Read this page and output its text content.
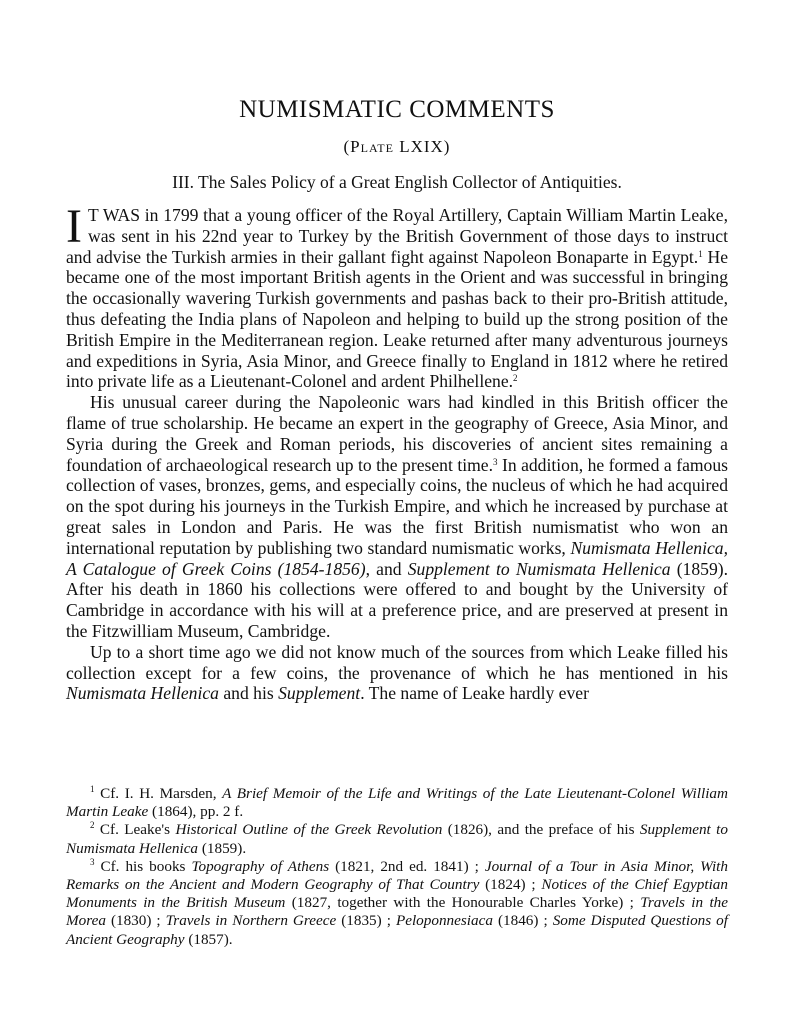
NUMISMATIC COMMENTS
(Plate LXIX)
III. The Sales Policy of a Great English Collector of Antiquities.

I T WAS in 1799 that a young officer of the Royal Artillery, Captain William Martin Leake, was sent in his 22nd year to Turkey by the British Government of those days to instruct and advise the Turkish armies in their gallant fight against Napoleon Bonaparte in Egypt.$^1$ He became one of the most important British agents in the Orient and was successful in bringing the occasionally wavering Turkish governments and pashas back to their pro-British attitude, thus defeating the India plans of Napoleon and helping to build up the strong position of the British Empire in the Mediterranean region. Leake returned after many adventurous journeys and expeditions in Syria, Asia Minor, and Greece finally to England in 1812 where he retired into private life as a Lieutenant-Colonel and ardent Philhellene.$^2$

His unusual career during the Napoleonic wars had kindled in this British officer the flame of true scholarship. He became an expert in the geography of Greece, Asia Minor, and Syria during the Greek and Roman periods, his discoveries of ancient sites remaining a foundation of archaeological research up to the present time.$^3$ In addition, he formed a famous collection of vases, bronzes, gems, and especially coins, the nucleus of which he had acquired on the spot during his journeys in the Turkish Empire, and which he increased by purchase at great sales in London and Paris. He was the first British numismatist who won an international reputation by publishing two standard numismatic works, Numismata Hellenica, A Catalogue of Greek Coins (1854-1856), and Supplement to Numismata Hellenica (1859). After his death in 1860 his collections were offered to and bought by the University of Cambridge in accordance with his will at a preference price, and are preserved at present in the Fitzwilliam Museum, Cambridge.

Up to a short time ago we did not know much of the sources from which Leake filled his collection except for a few coins, the provenance of which he has mentioned in his Numismata Hellenica and his Supplement. The name of Leake hardly ever

$^1$ Cf. I. H. Marsden, A Brief Memoir of the Life and Writings of the Late Lieutenant-Colonel William Martin Leake (1864), pp. 2 f.

$^2$ Cf. Leake's Historical Outline of the Greek Revolution (1826), and the preface of his Supplement to Numismata Hellenica (1859).

$^3$ Cf. his books Topography of Athens (1821, 2nd ed. 1841) ; Journal of a Tour in Asia Minor, With Remarks on the Ancient and Modern Geography of That Country (1824) ; Notices of the Chief Egyptian Monuments in the British Museum (1827, together with the Honourable Charles Yorke) ; Travels in the Morea (1830) ; Travels in Northern Greece (1835) ; Peloponnesiaca (1846) ; Some Disputed Questions of Ancient Geography (1857).
